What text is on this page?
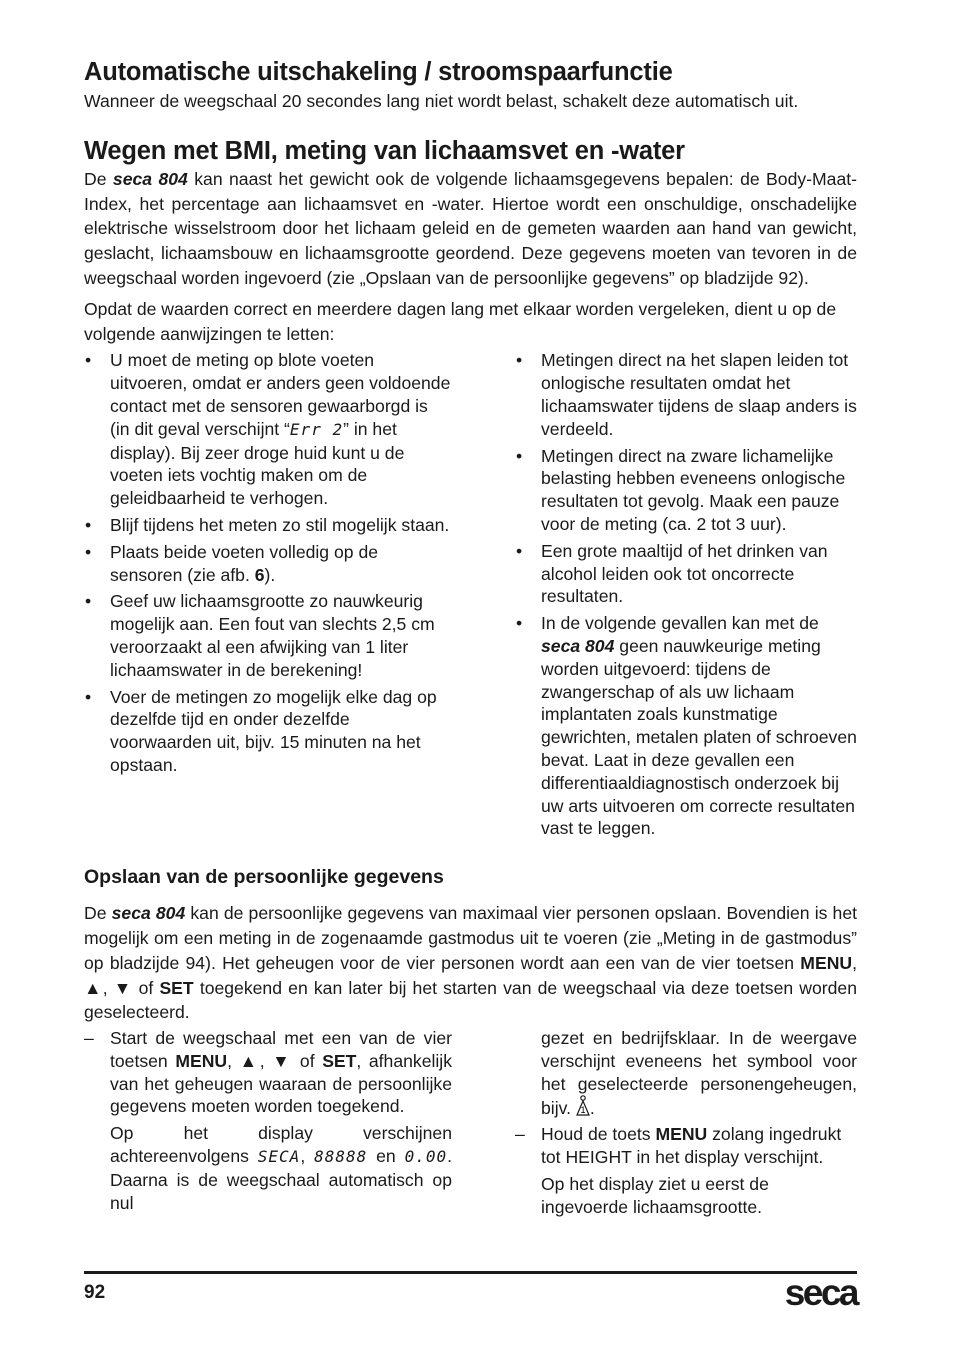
Automatische uitschakeling / stroomspaarfunctie

Wanneer de weegschaal 20 secondes lang niet wordt belast, schakelt deze automatisch uit.

Wegen met BMI, meting van lichaamsvet en -water

De seca 804 kan naast het gewicht ook de volgende lichaamsgegevens bepalen: de Body-Maat-Index, het percentage aan lichaamsvet en -water. Hiertoe wordt een onschuldige, onschadelijke elektrische wisselstroom door het lichaam geleid en de gemeten waarden aan hand van gewicht, geslacht, lichaamsbouw en lichaamsgrootte geordend. Deze gegevens moeten van tevoren in de weegschaal worden ingevoerd (zie „Opslaan van de persoonlijke gegevens” op bladzijde 92).

Opdat de waarden correct en meerdere dagen lang met elkaar worden vergeleken, dient u op de volgende aanwijzingen te letten:

• U moet de meting op blote voeten uitvoeren, omdat er anders geen voldoende contact met de sensoren gewaarborgd is (in dit geval verschijnt “Err 2” in het display). Bij zeer droge huid kunt u de voeten iets vochtig maken om de geleidbaarheid te verhogen.
• Blijf tijdens het meten zo stil mogelijk staan.
• Plaats beide voeten volledig op de sensoren (zie afb. 6).
• Geef uw lichaamsgrootte zo nauwkeurig mogelijk aan. Een fout van slechts 2,5 cm veroorzaakt al een afwijking van 1 liter lichaamswater in de berekening!
• Voer de metingen zo mogelijk elke dag op dezelfde tijd en onder dezelfde voorwaarden uit, bijv. 15 minuten na het opstaan.
• Metingen direct na het slapen leiden tot onlogische resultaten omdat het lichaamswater tijdens de slaap anders is verdeeld.
• Metingen direct na zware lichamelijke belasting hebben eveneens onlogische resultaten tot gevolg. Maak een pauze voor de meting (ca. 2 tot 3 uur).
• Een grote maaltijd of het drinken van alcohol leiden ook tot oncorrecte resultaten.
• In de volgende gevallen kan met de seca 804 geen nauwkeurige meting worden uitgevoerd: tijdens de zwangerschap of als uw lichaam implantaten zoals kunstmatige gewrichten, metalen platen of schroeven bevat. Laat in deze gevallen een differentiaaldiagnostisch onderzoek bij uw arts uitvoeren om correcte resultaten vast te leggen.
Opslaan van de persoonlijke gegevens

De seca 804 kan de persoonlijke gegevens van maximaal vier personen opslaan. Bovendien is het mogelijk om een meting in de zogenaamde gastmodus uit te voeren (zie „Meting in de gastmodus” op bladzijde 94). Het geheugen voor de vier personen wordt aan een van de vier toetsen MENU, ▲, ▼ of SET toegekend en kan later bij het starten van de weegschaal via deze toetsen worden geselecteerd.

– Start de weegschaal met een van de vier toetsen MENU, ▲, ▼ of SET, afhankelijk van het geheugen waaraan de persoonlijke gegevens moeten worden toegekend.
Op het display verschijnen achtereenvolgens SECA, 88888 en 0.00. Daarna is de weegschaal automatisch op nul
gezet en bedrijfsklaar. In de weergave verschijnt eveneens het symbool voor het geselecteerde personengeheugen, bijv. 1 .
– Houd de toets MENU zolang ingedrukt tot HEIGHT in het display verschijnt.
Op het display ziet u eerst de ingevoerde lichaamsgrootte.
92	seca
